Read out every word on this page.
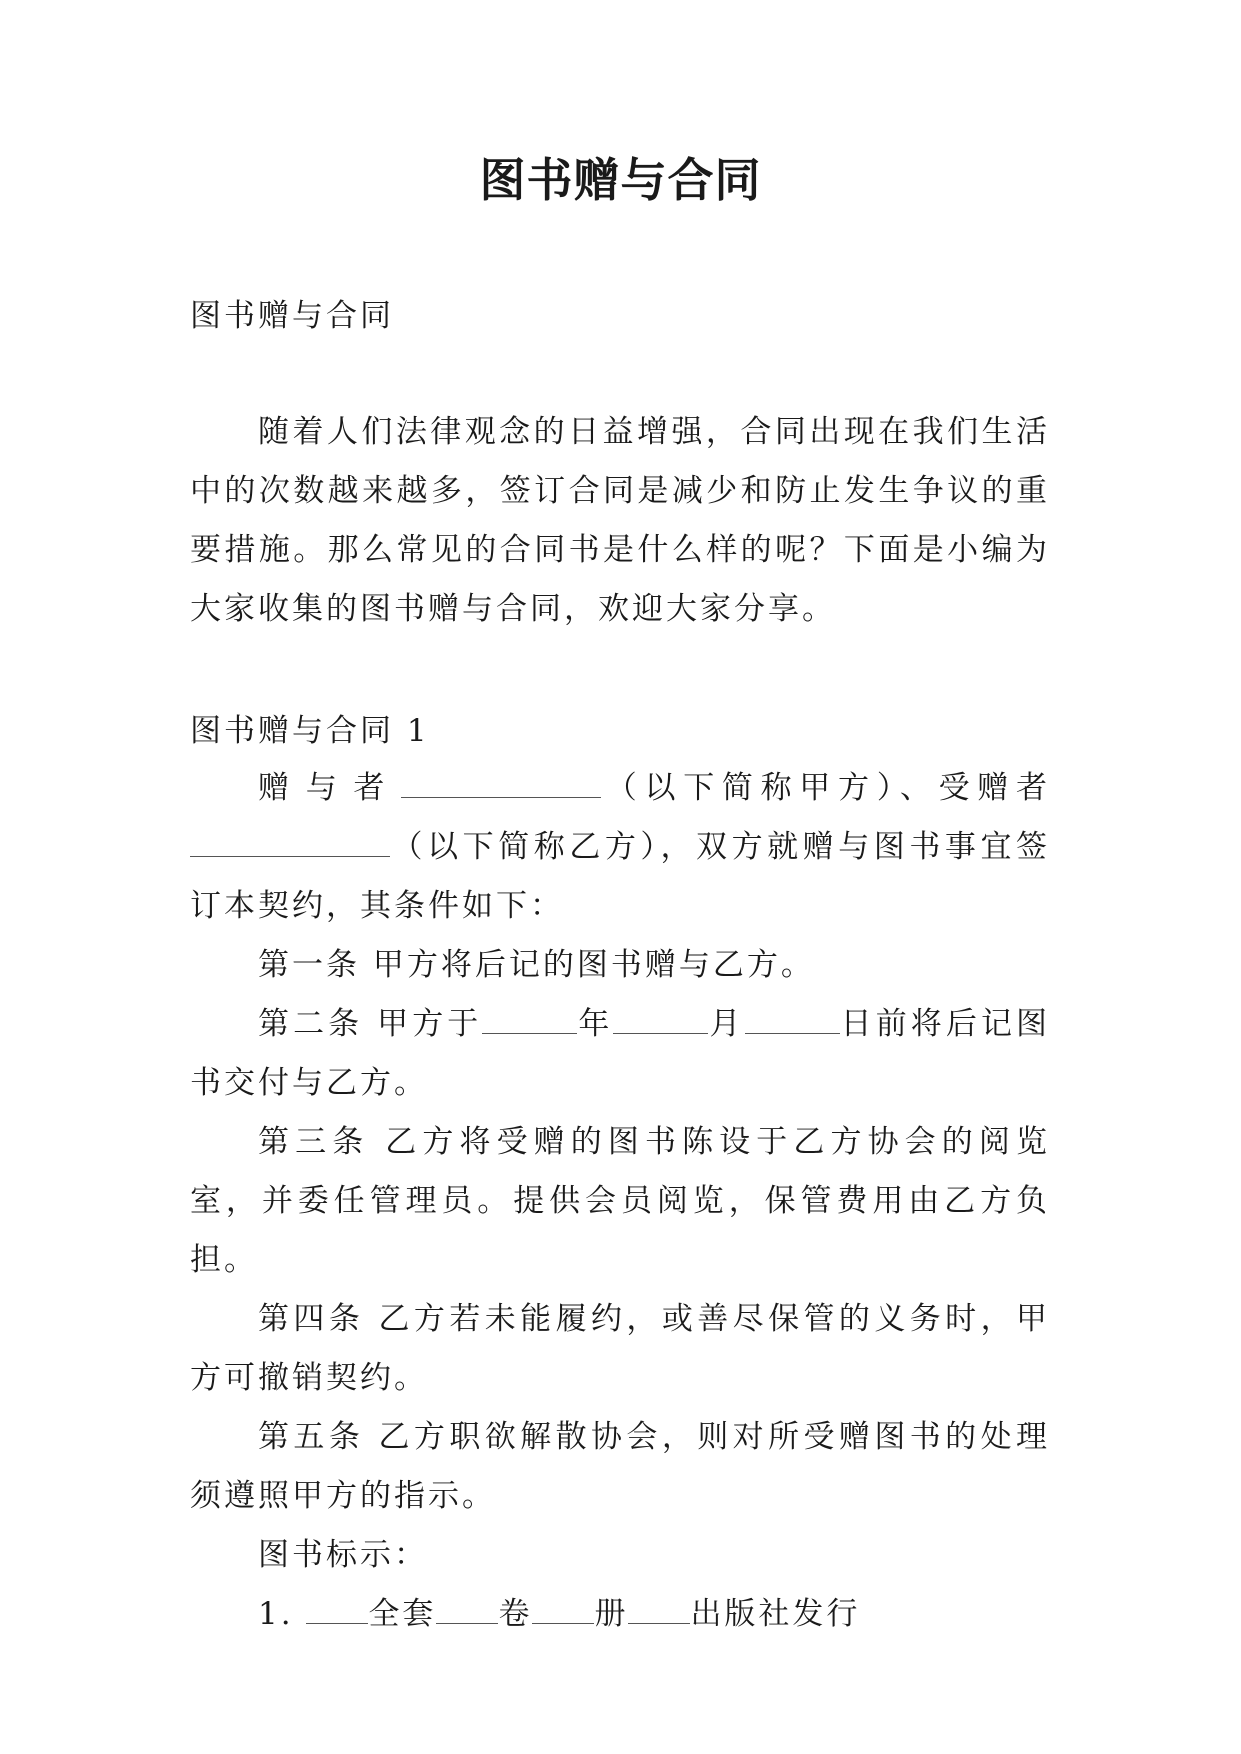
图书赠与合同
图书赠与合同
随着人们法律观念的日益增强，合同出现在我们生活中的次数越来越多，签订合同是减少和防止发生争议的重要措施。那么常见的合同书是什么样的呢？下面是小编为大家收集的图书赠与合同，欢迎大家分享。
图书赠与合同 1

赠与者	（以下简称甲方）、受赠者（以下简称乙方），双方就赠与图书事宜签订本契约，其条件如下：

第一条 甲方将后记的图书赠与乙方。

第二条 甲方于	年	月	日前将后记图书交付与乙方。

第三条 乙方将受赠的图书陈设于乙方协会的阅览室，并委任管理员。提供会员阅览，保管费用由乙方负担。

第四条 乙方若未能履约，或善尽保管的义务时，甲方可撤销契约。

第五条 乙方职欲解散协会，则对所受赠图书的处理须遵照甲方的指示。

图书标示：

1. 全套 卷 册 出版社发行
